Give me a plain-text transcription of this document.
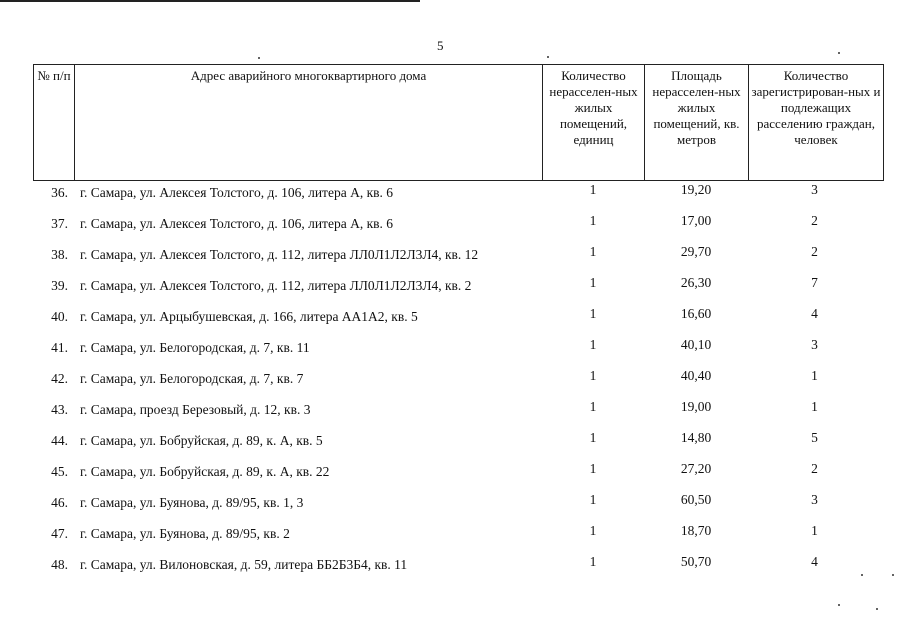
5
№ п/п	Адрес аварийного многоквартирного дома	Количество нерасселен-ных жилых помещений, единиц	Площадь нерасселен-ных жилых помещений, кв. метров	Количество зарегистрирован-ных и подлежащих расселению граждан, человек
36. г. Самара, ул. Алексея Толстого, д. 106, литера А, кв. 6	1	19,20	3
37. г. Самара, ул. Алексея Толстого, д. 106, литера А, кв. 6	1	17,00	2
38. г. Самара, ул. Алексея Толстого, д. 112, литера ЛЛ0Л1Л2Л3Л4, кв. 12	1	29,70	2
39. г. Самара, ул. Алексея Толстого, д. 112, литера ЛЛ0Л1Л2Л3Л4, кв. 2	1	26,30	7
40. г. Самара, ул. Арцыбушевская, д. 166, литера АА1А2, кв. 5	1	16,60	4
41. г. Самара, ул. Белогородская, д. 7, кв. 11	1	40,10	3
42. г. Самара, ул. Белогородская, д. 7, кв. 7	1	40,40	1
43. г. Самара, проезд Березовый, д. 12, кв. 3	1	19,00	1
44. г. Самара, ул. Бобруйская, д. 89, к. А, кв. 5	1	14,80	5
45. г. Самара, ул. Бобруйская, д. 89, к. А, кв. 22	1	27,20	2
46. г. Самара, ул. Буянова, д. 89/95, кв. 1, 3	1	60,50	3
47. г. Самара, ул. Буянова, д. 89/95, кв. 2	1	18,70	1
48. г. Самара, ул. Вилоновская, д. 59, литера ББ2Б3Б4, кв. 11	1	50,70	4
